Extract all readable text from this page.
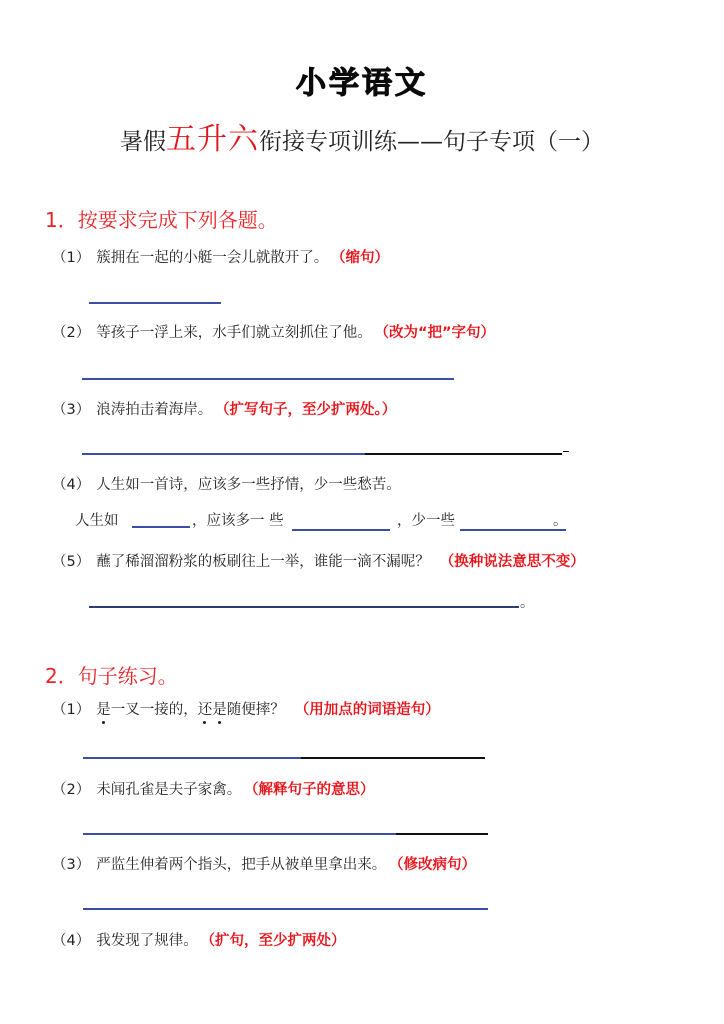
小学语文
暑假五升六衔接专项训练——句子专项（一）
1．按要求完成下列各题。
（1） 簇拥在一起的小艇一会儿就散开了。 （缩句）
（2） 等孩子一浮上来，水手们就立刻抓住了他。 （改为“把”字句）
（3） 浪涛拍击着海岸。 （扩写句子，至少扩两处。）
（4） 人生如一首诗，应该多一些抒情，少一些愁苦。
人生如	，应该多一 些	，少一些	。
（5） 蘸了稀溜溜粉浆的板刷往上一举，谁能一滴不漏呢？ （换种说法意思不变）
。
2．句子练习。
（1） 是一叉一接的，还是随便摔？ （用加点的词语造句）
（2） 未闻孔雀是夫子家禽。 （解释句子的意思）
（3） 严监生伸着两个指头，把手从被单里拿出来。 （修改病句）
（4） 我发现了规律。 （扩句，至少扩两处）
